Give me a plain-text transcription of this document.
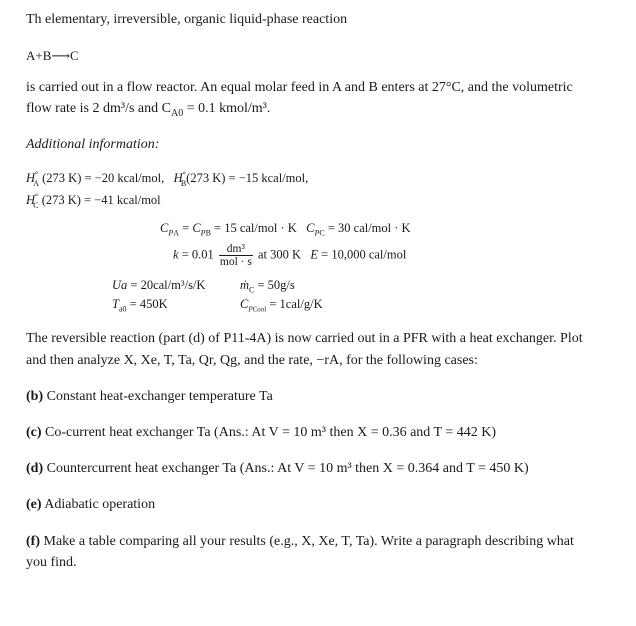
Th elementary, irreversible, organic liquid-phase reaction

A+B⟶C

is carried out in a flow reactor. An equal molar feed in A and B enters at 27°C, and the volumetric

flow rate is 2 dm³/s and $C_{A0} = 0.1$ kmol/m³.

Additional information:

$H^\circ_A$ (273 K) = −20 kcal/mol, $H^\circ_B(273$ K) = −15 kcal/mol,
$H^\circ_C$ (273 K) = −41 kcal/mol
$C_{PA} = C_{PB} = 15$ cal/mol · K $C_{PC} = 30$ cal/mol · K
$k = 0.01 \frac{\text{dm³}}{\text{mol · s}}$ at 300 K E = 10,000 cal/mol
Ua = 20cal/m³/s/K	ṁ$_C$ = 50g/s
$T_{a0} = 450K$	$C_{PCool} = 1cal/g/K$

The reversible reaction (part (d) of P11-4A) is now carried out in a PFR with a heat exchanger. Plot

and then analyze X, Xe, T, Ta, Qr, Qg, and the rate, −rA, for the following cases:

(b) Constant heat-exchanger temperature Ta

(c) Co-current heat exchanger Ta (Ans.: At V = 10 m³ then X = 0.36 and T = 442 K)

(d) Countercurrent heat exchanger Ta (Ans.: At V = 10 m³ then X = 0.364 and T = 450 K)

(e) Adiabatic operation

(f) Make a table comparing all your results (e.g., X, Xe, T, Ta). Write a paragraph describing what

you find.
